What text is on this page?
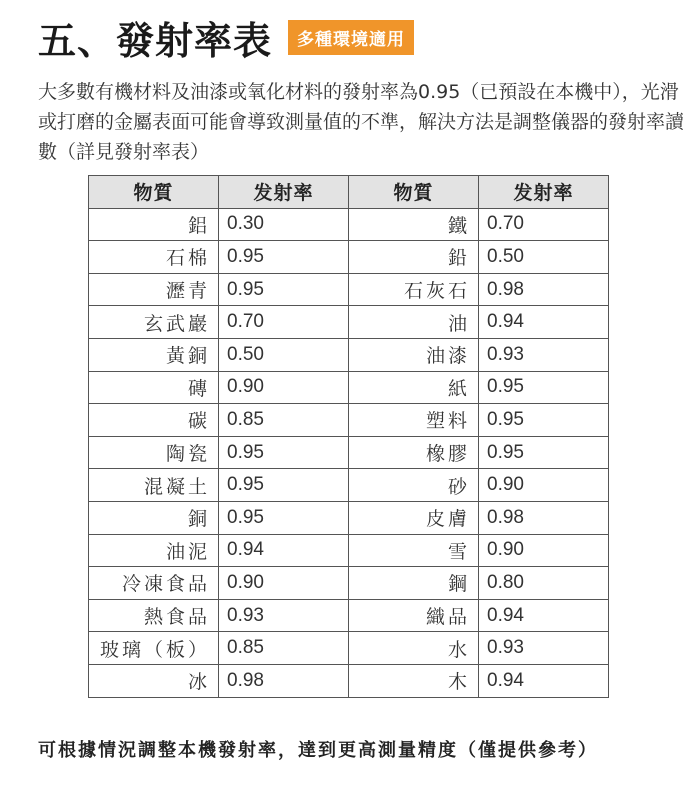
五、發射率表	多種環境適用

大多數有機材料及油漆或氧化材料的發射率為0.95（已預設在本機中），光滑或打磨的金屬表面可能會導致測量值的不準，解決方法是調整儀器的發射率讀數（詳見發射率表）

物質	发射率	物質	发射率
鋁	0.30	鐵	0.70
石棉	0.95	鉛	0.50
瀝青	0.95	石灰石	0.98
玄武巖	0.70	油	0.94
黃銅	0.50	油漆	0.93
磚	0.90	紙	0.95
碳	0.85	塑料	0.95
陶瓷	0.95	橡膠	0.95
混凝土	0.95	砂	0.90
銅	0.95	皮膚	0.98
油泥	0.94	雪	0.90
冷凍食品	0.90	鋼	0.80
熱食品	0.93	織品	0.94
玻璃（板）	0.85	水	0.93
冰	0.98	木	0.94
可根據情況調整本機發射率，達到更高測量精度（僅提供參考）
